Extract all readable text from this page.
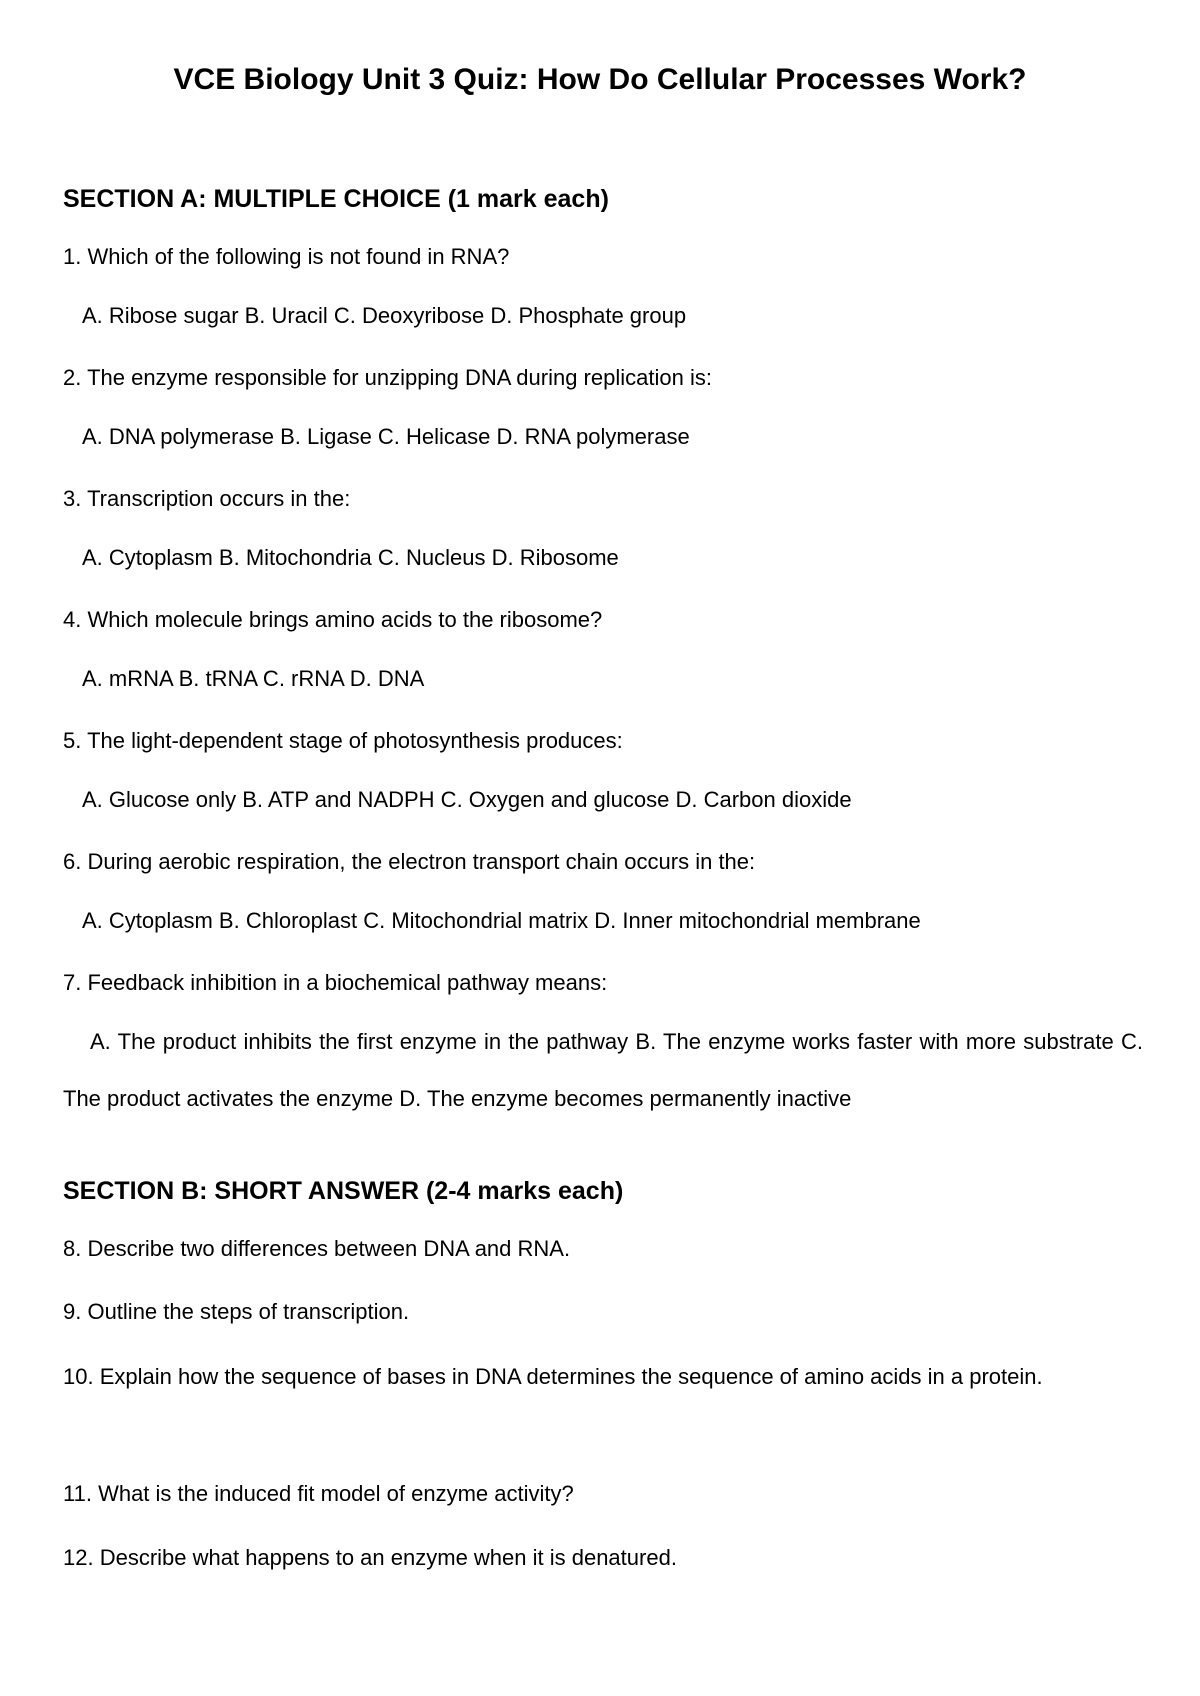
VCE Biology Unit 3 Quiz: How Do Cellular Processes Work?
SECTION A: MULTIPLE CHOICE (1 mark each)
1. Which of the following is not found in RNA?
A. Ribose sugar B. Uracil C. Deoxyribose D. Phosphate group
2. The enzyme responsible for unzipping DNA during replication is:
A. DNA polymerase B. Ligase C. Helicase D. RNA polymerase
3. Transcription occurs in the:
A. Cytoplasm B. Mitochondria C. Nucleus D. Ribosome
4. Which molecule brings amino acids to the ribosome?
A. mRNA B. tRNA C. rRNA D. DNA
5. The light-dependent stage of photosynthesis produces:
A. Glucose only B. ATP and NADPH C. Oxygen and glucose D. Carbon dioxide
6. During aerobic respiration, the electron transport chain occurs in the:
A. Cytoplasm B. Chloroplast C. Mitochondrial matrix D. Inner mitochondrial membrane
7. Feedback inhibition in a biochemical pathway means:
A. The product inhibits the first enzyme in the pathway B. The enzyme works faster with more substrate C. The product activates the enzyme D. The enzyme becomes permanently inactive
SECTION B: SHORT ANSWER (2-4 marks each)
8. Describe two differences between DNA and RNA.
9. Outline the steps of transcription.
10. Explain how the sequence of bases in DNA determines the sequence of amino acids in a protein.
11. What is the induced fit model of enzyme activity?
12. Describe what happens to an enzyme when it is denatured.
